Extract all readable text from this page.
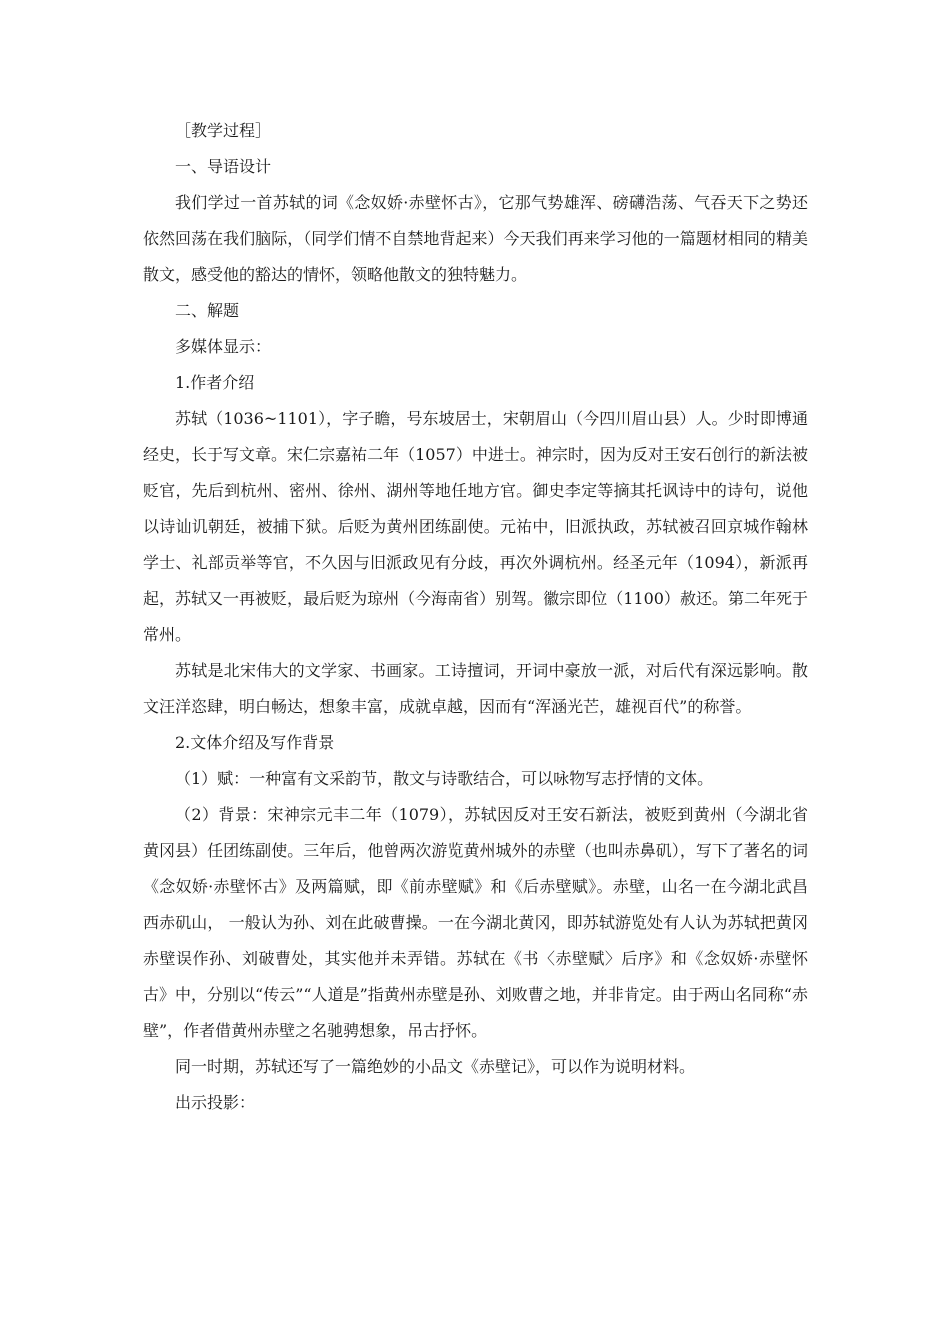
［教学过程］

一、导语设计

我们学过一首苏轼的词《念奴娇·赤壁怀古》，它那气势雄浑、磅礴浩荡、气吞天下之势还依然回荡在我们脑际，（同学们情不自禁地背起来）今天我们再来学习他的一篇题材相同的精美散文，感受他的豁达的情怀，领略他散文的独特魅力。

二、解题

多媒体显示：

1.作者介绍

苏轼（1036~1101），字子瞻，号东坡居士，宋朝眉山（今四川眉山县）人。少时即博通经史，长于写文章。宋仁宗嘉祐二年（1057）中进士。神宗时，因为反对王安石创行的新法被贬官，先后到杭州、密州、徐州、湖州等地任地方官。御史李定等摘其托讽诗中的诗句，说他以诗讪讥朝廷，被捕下狱。后贬为黄州团练副使。元祐中，旧派执政，苏轼被召回京城作翰林学士、礼部贡举等官，不久因与旧派政见有分歧，再次外调杭州。经圣元年（1094），新派再起，苏轼又一再被贬，最后贬为琼州（今海南省）别驾。徽宗即位（1100）赦还。第二年死于常州。

苏轼是北宋伟大的文学家、书画家。工诗擅词，开词中豪放一派，对后代有深远影响。散文汪洋恣肆，明白畅达，想象丰富，成就卓越，因而有“浑涵光芒，雄视百代”的称誉。

2.文体介绍及写作背景

（1）赋：一种富有文采韵节，散文与诗歌结合，可以咏物写志抒情的文体。

（2）背景：宋神宗元丰二年（1079），苏轼因反对王安石新法，被贬到黄州（今湖北省黄冈县）任团练副使。三年后，他曾两次游览黄州城外的赤壁（也叫赤鼻矶），写下了著名的词《念奴娇·赤壁怀古》及两篇赋，即《前赤壁赋》和《后赤壁赋》。赤壁，山名一在今湖北武昌西赤矶山， 一般认为孙、刘在此破曹操。一在今湖北黄冈，即苏轼游览处有人认为苏轼把黄冈赤壁误作孙、刘破曹处，其实他并未弄错。苏轼在《书〈赤壁赋〉后序》和《念奴娇·赤壁怀古》中，分别以“传云”“人道是”指黄州赤壁是孙、刘败曹之地，并非肯定。由于两山名同称“赤壁”，作者借黄州赤壁之名驰骋想象，吊古抒怀。

同一时期，苏轼还写了一篇绝妙的小品文《赤壁记》，可以作为说明材料。

出示投影：
